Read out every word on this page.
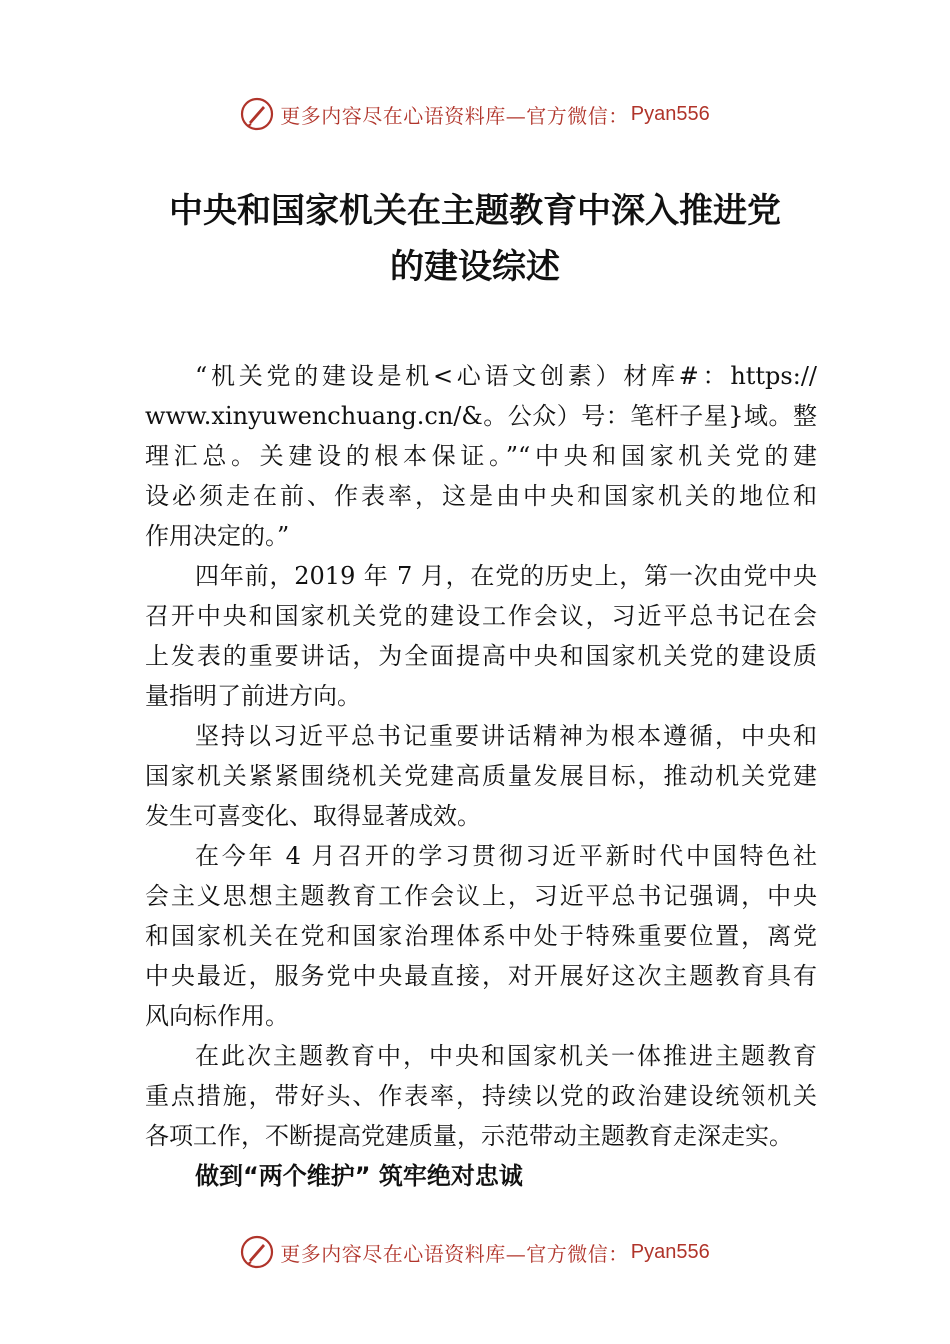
更多内容尽在心语资料库—官方微信： Pyan556
中央和国家机关在主题教育中深入推进党
的建设综述
“机关党的建设是机<心语文创素）材库#：https://
www.xinyuwenchuang.cn/&。公众）号：笔杆子星}域。整
理汇总。关建设的根本保证。”“中央和国家机关党的建
设必须走在前、作表率，这是由中央和国家机关的地位和
作用决定的。”
四年前，2019 年 7 月，在党的历史上，第一次由党中央
召开中央和国家机关党的建设工作会议，习近平总书记在会
上发表的重要讲话，为全面提高中央和国家机关党的建设质
量指明了前进方向。
坚持以习近平总书记重要讲话精神为根本遵循，中央和
国家机关紧紧围绕机关党建高质量发展目标，推动机关党建
发生可喜变化、取得显著成效。
在今年 4 月召开的学习贯彻习近平新时代中国特色社
会主义思想主题教育工作会议上，习近平总书记强调，中央
和国家机关在党和国家治理体系中处于特殊重要位置，离党
中央最近，服务党中央最直接，对开展好这次主题教育具有
风向标作用。
在此次主题教育中，中央和国家机关一体推进主题教育
重点措施，带好头、作表率，持续以党的政治建设统领机关
各项工作，不断提高党建质量，示范带动主题教育走深走实。
做到“两个维护” 筑牢绝对忠诚
更多内容尽在心语资料库—官方微信： Pyan556
